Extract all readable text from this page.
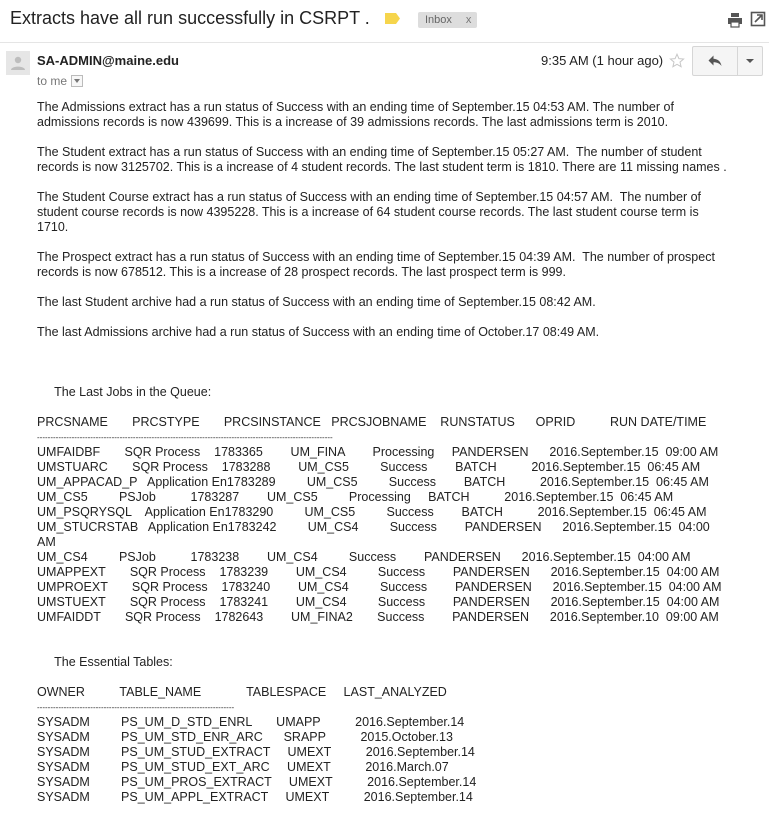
Extracts have all run successfully in CSRPT .	Inbox x
SA-ADMIN@maine.edu
to me
9:35 AM (1 hour ago)

The Admissions extract has a run status of Success with an ending time of September.15 04:53 AM. The number of
admissions records is now 439699. This is a increase of 39 admissions records. The last admissions term is 2010.

The Student extract has a run status of Success with an ending time of September.15 05:27 AM.  The number of student
records is now 3125702. This is a increase of 4 student records. The last student term is 1810. There are 11 missing names .

The Student Course extract has a run status of Success with an ending time of September.15 04:57 AM.  The number of
student course records is now 4395228. This is a increase of 64 student course records. The last student course term is
1710.

The Prospect extract has a run status of Success with an ending time of September.15 04:39 AM.  The number of prospect
records is now 678512. This is a increase of 28 prospect records. The last prospect term is 999.

The last Student archive had a run status of Success with an ending time of September.15 08:42 AM.

The last Admissions archive had a run status of Success with an ending time of October.17 08:49 AM.

The Last Jobs in the Queue:
PRCSNAME       PRCSTYPE       PRCSINSTANCE   PRCSJOBNAME    RUNSTATUS      OPRID          RUN DATE/TIME
---------------------------------------------------------------------------------------------------------------
UMFAIDBF       SQR Process    1783365        UM_FINA        Processing     PANDERSEN      2016.September.15  09:00 AM
UMSTUARC       SQR Process    1783288        UM_CS5         Success        BATCH          2016.September.15  06:45 AM
UM_APPACAD_P   Application En1783289         UM_CS5         Success        BATCH          2016.September.15  06:45 AM
UM_CS5         PSJob          1783287        UM_CS5         Processing     BATCH          2016.September.15  06:45 AM
UM_PSQRYSQL    Application En1783290         UM_CS5         Success        BATCH          2016.September.15  06:45 AM
UM_STUCRSTAB   Application En1783242         UM_CS4         Success        PANDERSEN      2016.September.15  04:00
AM
UM_CS4         PSJob          1783238        UM_CS4         Success        PANDERSEN      2016.September.15  04:00 AM
UMAPPEXT       SQR Process    1783239        UM_CS4         Success        PANDERSEN      2016.September.15  04:00 AM
UMPROEXT       SQR Process    1783240        UM_CS4         Success        PANDERSEN      2016.September.15  04:00 AM
UMSTUEXT       SQR Process    1783241        UM_CS4         Success        PANDERSEN      2016.September.15  04:00 AM
UMFAIDDT       SQR Process    1782643        UM_FINA2       Success        PANDERSEN      2016.September.10  09:00 AM
The Essential Tables:
OWNER          TABLE_NAME             TABLESPACE     LAST_ANALYZED
--------------------------------------------------------------------------
SYSADM         PS_UM_D_STD_ENRL       UMAPP          2016.September.14
SYSADM         PS_UM_STD_ENR_ARC      SRAPP          2015.October.13
SYSADM         PS_UM_STUD_EXTRACT     UMEXT          2016.September.14
SYSADM         PS_UM_STUD_EXT_ARC     UMEXT          2016.March.07
SYSADM         PS_UM_PROS_EXTRACT     UMEXT          2016.September.14
SYSADM         PS_UM_APPL_EXTRACT     UMEXT          2016.September.14
